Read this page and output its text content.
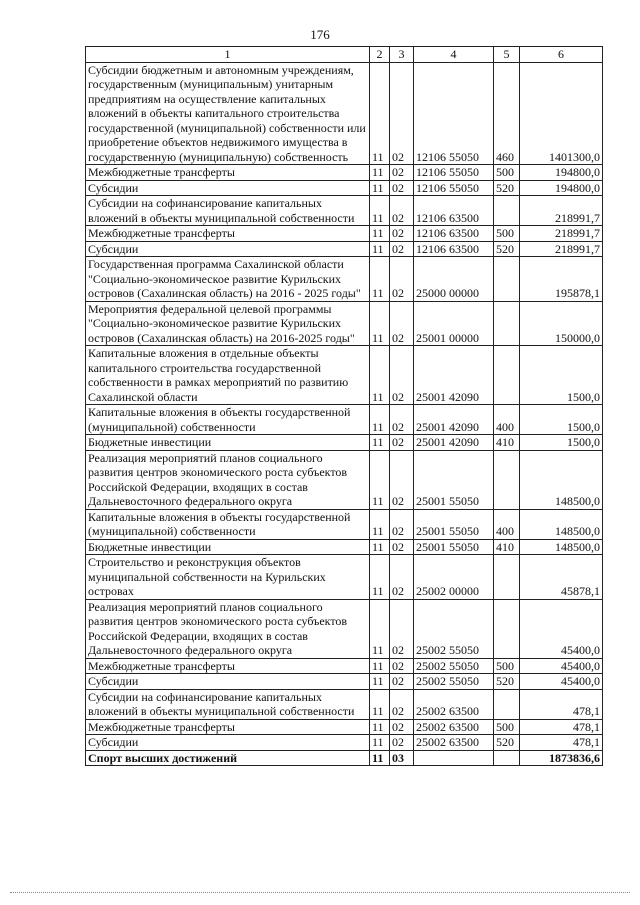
176
1	2	3	4	5	6
Субсидии бюджетным и автономным учреждениям, государственным (муниципальным) унитарным предприятиям на осуществление капитальных вложений в объекты капитального строительства государственной (муниципальной) собственности или приобретение объектов недвижимого имущества в государственную (муниципальную) собственность	11	02	12106 55050	460	1401300,0
Межбюджетные трансферты	11	02	12106 55050	500	194800,0
Субсидии	11	02	12106 55050	520	194800,0
Субсидии на софинансирование капитальных вложений в объекты муниципальной собственности	11	02	12106 63500		218991,7
Межбюджетные трансферты	11	02	12106 63500	500	218991,7
Субсидии	11	02	12106 63500	520	218991,7
Государственная программа Сахалинской области "Социально-экономическое развитие Курильских островов (Сахалинская область) на 2016 - 2025 годы"	11	02	25000 00000		195878,1
Мероприятия федеральной целевой программы "Социально-экономическое развитие Курильских островов (Сахалинская область) на 2016-2025 годы"	11	02	25001 00000		150000,0
Капитальные вложения в отдельные объекты капитального строительства государственной собственности в рамках мероприятий по развитию Сахалинской области	11	02	25001 42090		1500,0
Капитальные вложения в объекты государственной (муниципальной) собственности	11	02	25001 42090	400	1500,0
Бюджетные инвестиции	11	02	25001 42090	410	1500,0
Реализация мероприятий планов социального развития центров экономического роста субъектов Российской Федерации, входящих в состав Дальневосточного федерального округа	11	02	25001 55050		148500,0
Капитальные вложения в объекты государственной (муниципальной) собственности	11	02	25001 55050	400	148500,0
Бюджетные инвестиции	11	02	25001 55050	410	148500,0
Строительство и реконструкция объектов муниципальной собственности на Курильских островах	11	02	25002 00000		45878,1
Реализация мероприятий планов социального развития центров экономического роста субъектов Российской Федерации, входящих в состав Дальневосточного федерального округа	11	02	25002 55050		45400,0
Межбюджетные трансферты	11	02	25002 55050	500	45400,0
Субсидии	11	02	25002 55050	520	45400,0
Субсидии на софинансирование капитальных вложений в объекты муниципальной собственности	11	02	25002 63500		478,1
Межбюджетные трансферты	11	02	25002 63500	500	478,1
Субсидии	11	02	25002 63500	520	478,1
Спорт высших достижений	11	03			1873836,6
